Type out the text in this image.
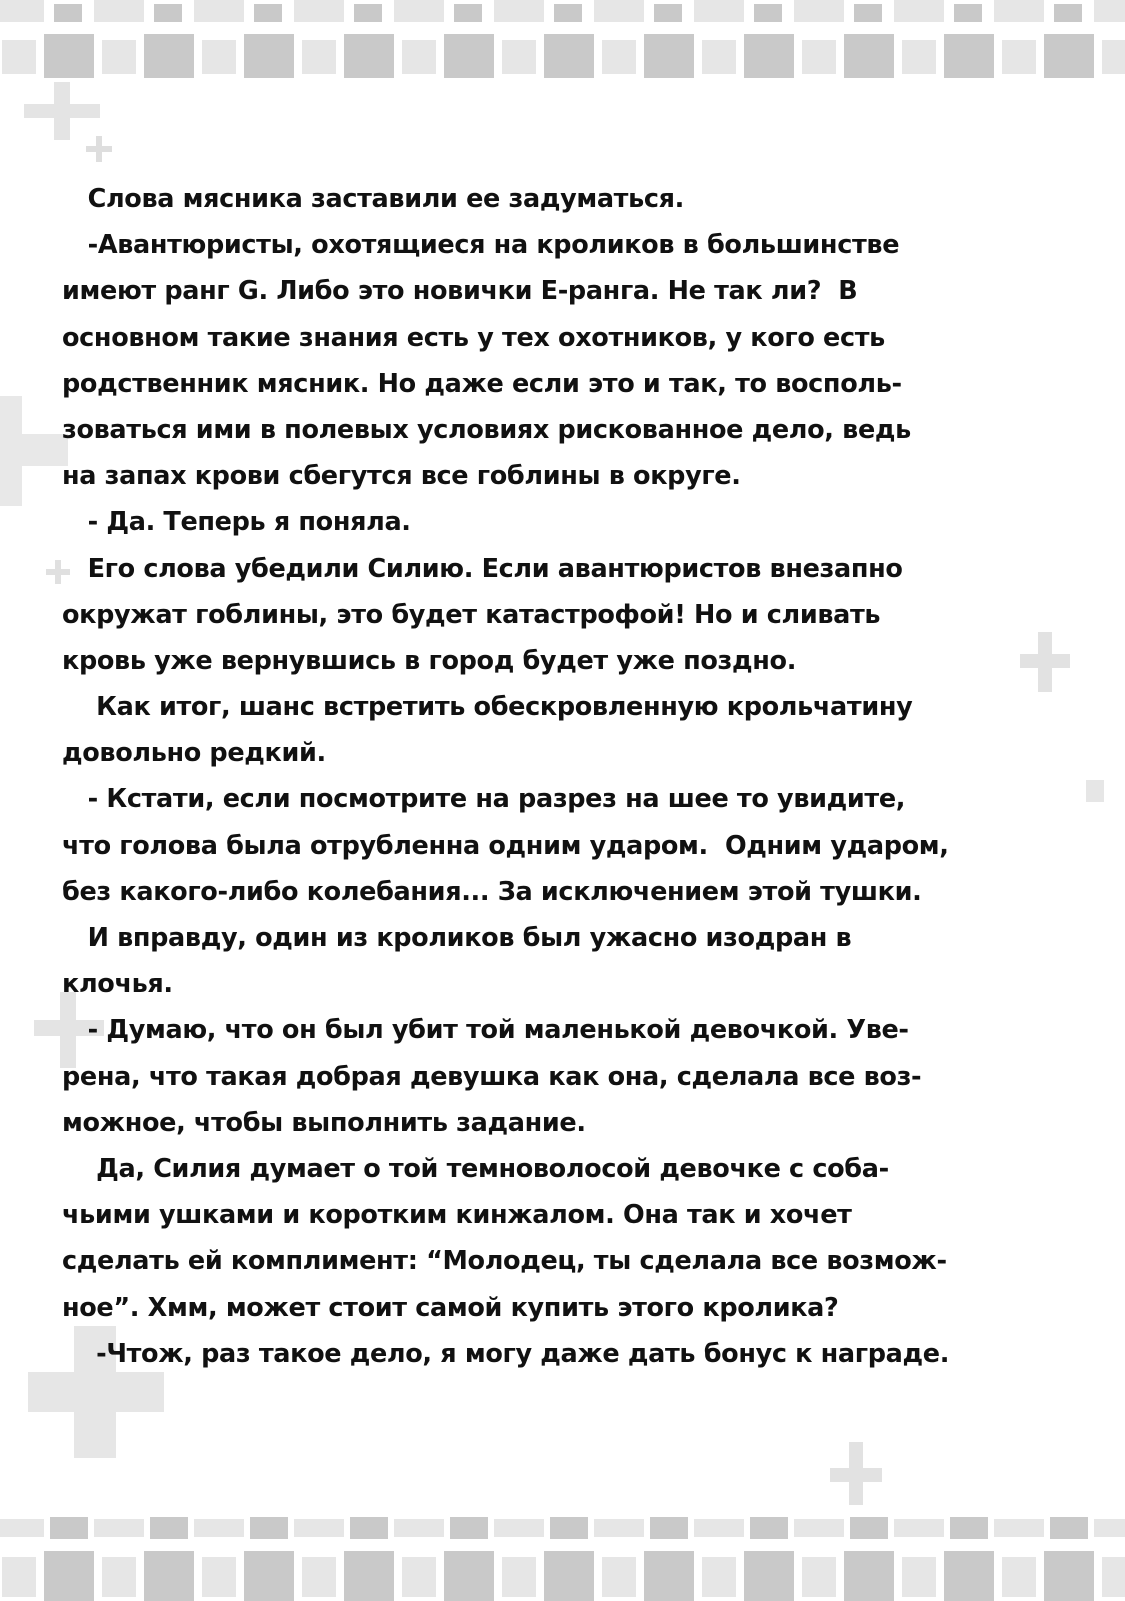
Слова мясника заставили ее задуматься.
-Авантюристы, охотящиеся на кроликов в большинстве
имеют ранг G. Либо это новички Е-ранга. Не так ли?  В
основном такие знания есть у тех охотников, у кого есть
родственник мясник. Но даже если это и так, то восполь-
зоваться ими в полевых условиях рискованное дело, ведь
на запах крови сбегутся все гоблины в округе.
- Да. Теперь я поняла.
Его слова убедили Силию. Если авантюристов внезапно
окружат гоблины, это будет катастрофой! Но и сливать
кровь уже вернувшись в город будет уже поздно.
Как итог, шанс встретить обескровленную крольчатину
довольно редкий.
- Кстати, если посмотрите на разрез на шее то увидите,
что голова была отрубленна одним ударом.  Одним ударом,
без какого-либо колебания... За исключением этой тушки.
И вправду, один из кроликов был ужасно изодран в
клочья.
- Думаю, что он был убит той маленькой девочкой. Уве-
рена, что такая добрая девушка как она, сделала все воз-
можное, чтобы выполнить задание.
Да, Силия думает о той темноволосой девочке с соба-
чьими ушками и коротким кинжалом. Она так и хочет
сделать ей комплимент: “Молодец, ты сделала все возмож-
ное”. Хмм, может стоит самой купить этого кролика?
-Чтож, раз такое дело, я могу даже дать бонус к награде.
